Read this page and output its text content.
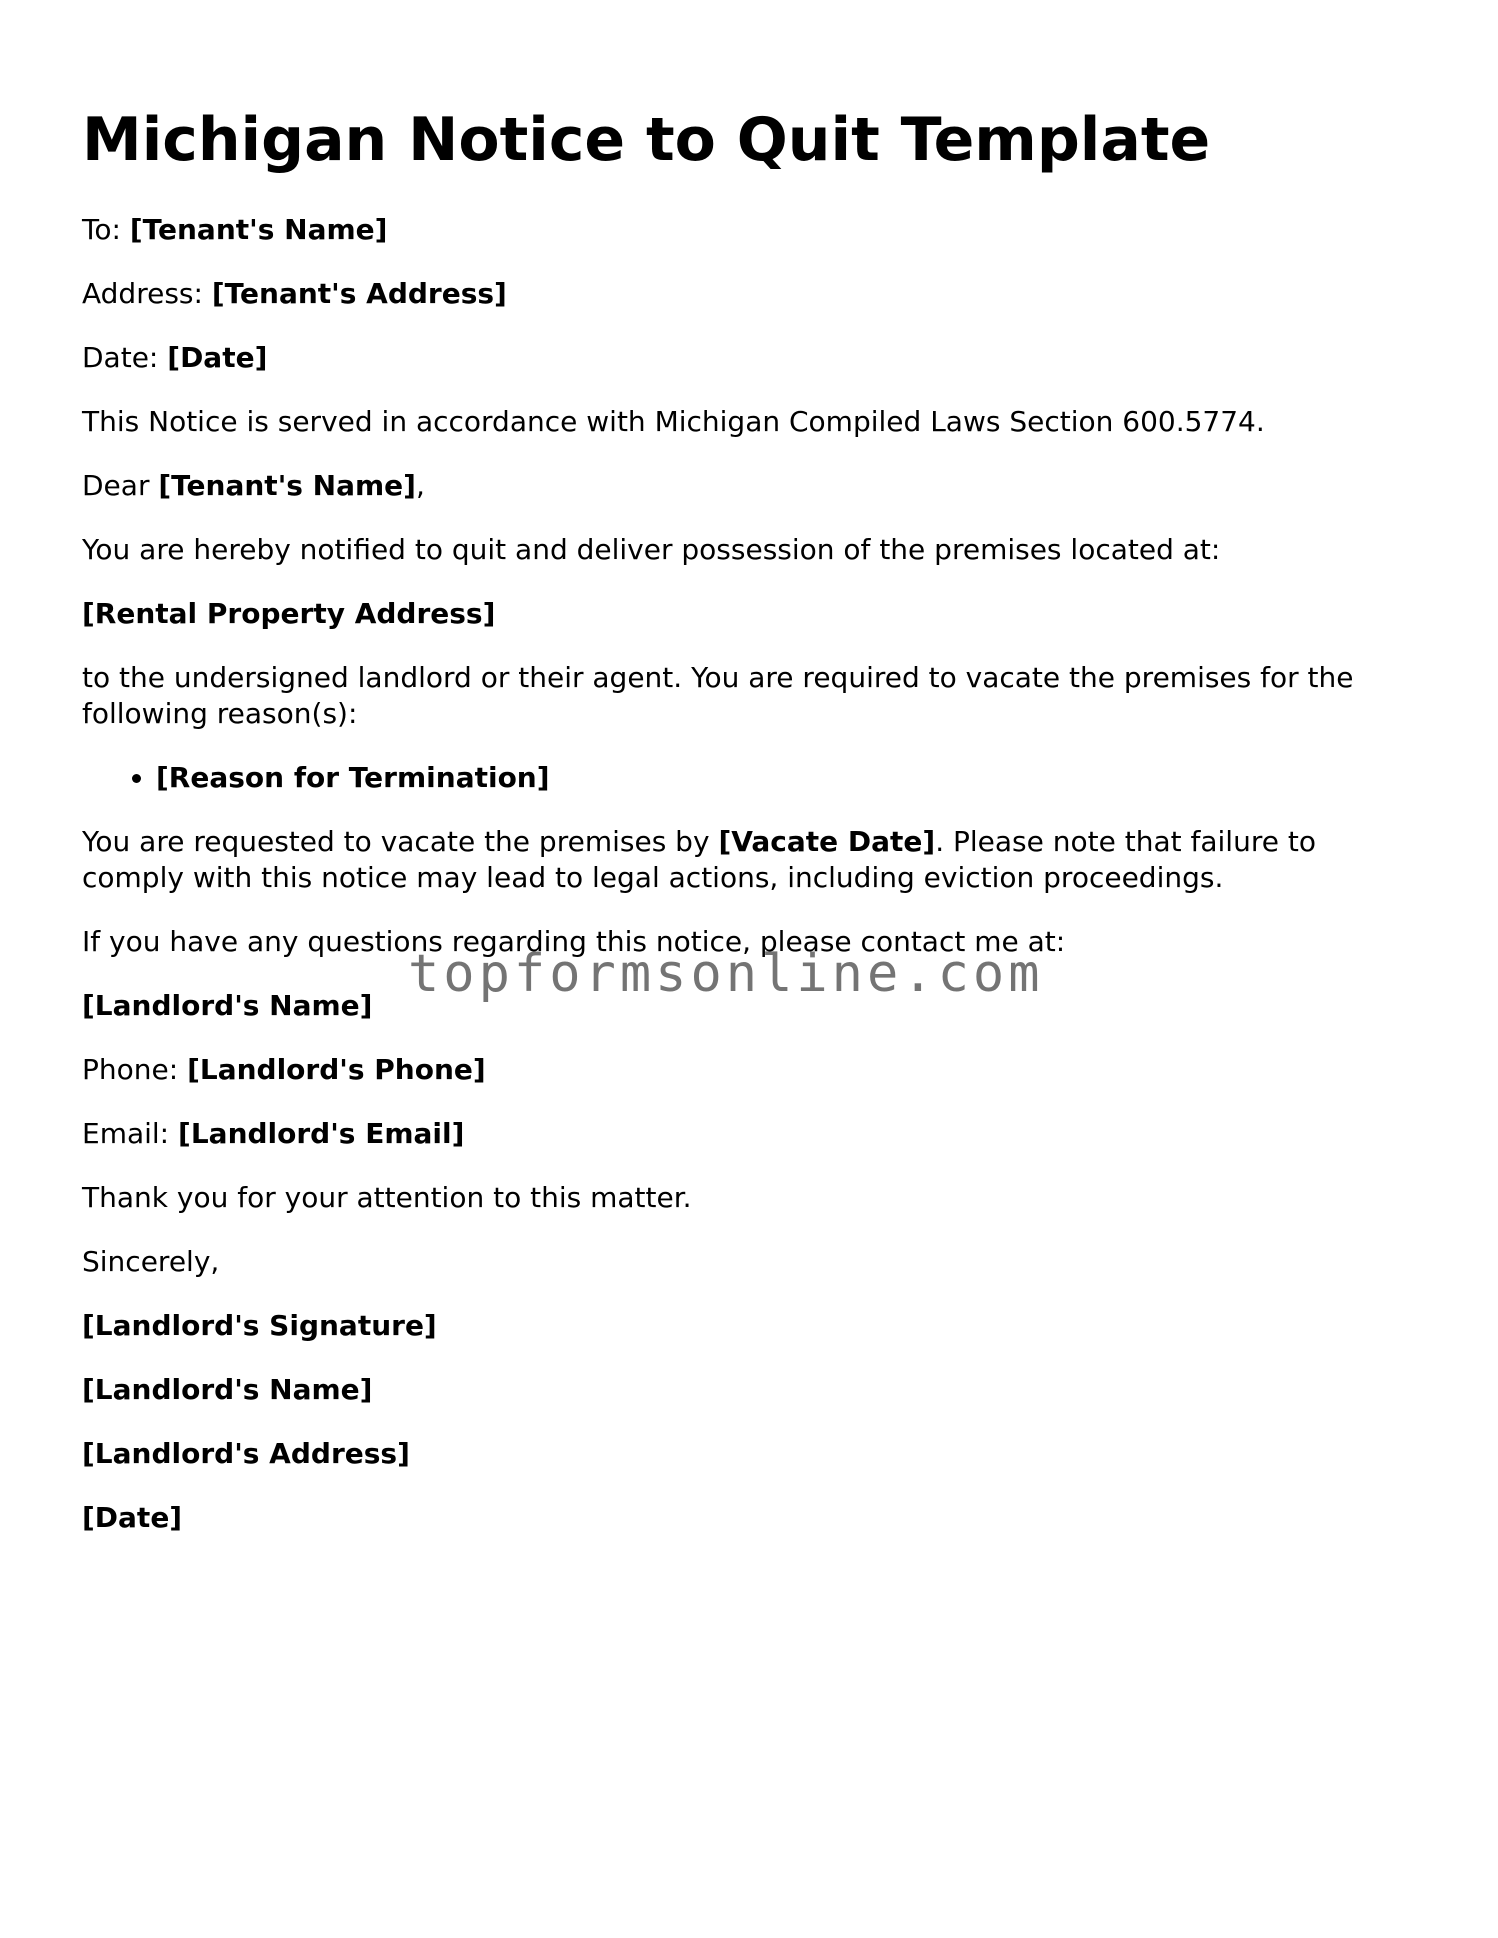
Michigan Notice to Quit Template

To: [Tenant's Name]

Address: [Tenant's Address]

Date: [Date]

This Notice is served in accordance with Michigan Compiled Laws Section 600.5774.

Dear [Tenant's Name],

You are hereby notified to quit and deliver possession of the premises located at:

[Rental Property Address]

to the undersigned landlord or their agent. You are required to vacate the premises for the following reason(s):

• [Reason for Termination]

You are requested to vacate the premises by [Vacate Date]. Please note that failure to comply with this notice may lead to legal actions, including eviction proceedings.

If you have any questions regarding this notice, please contact me at:

[Landlord's Name]

Phone: [Landlord's Phone]

Email: [Landlord's Email]

Thank you for your attention to this matter.

Sincerely,

[Landlord's Signature]

[Landlord's Name]

[Landlord's Address]

[Date]

topformsonline.com
